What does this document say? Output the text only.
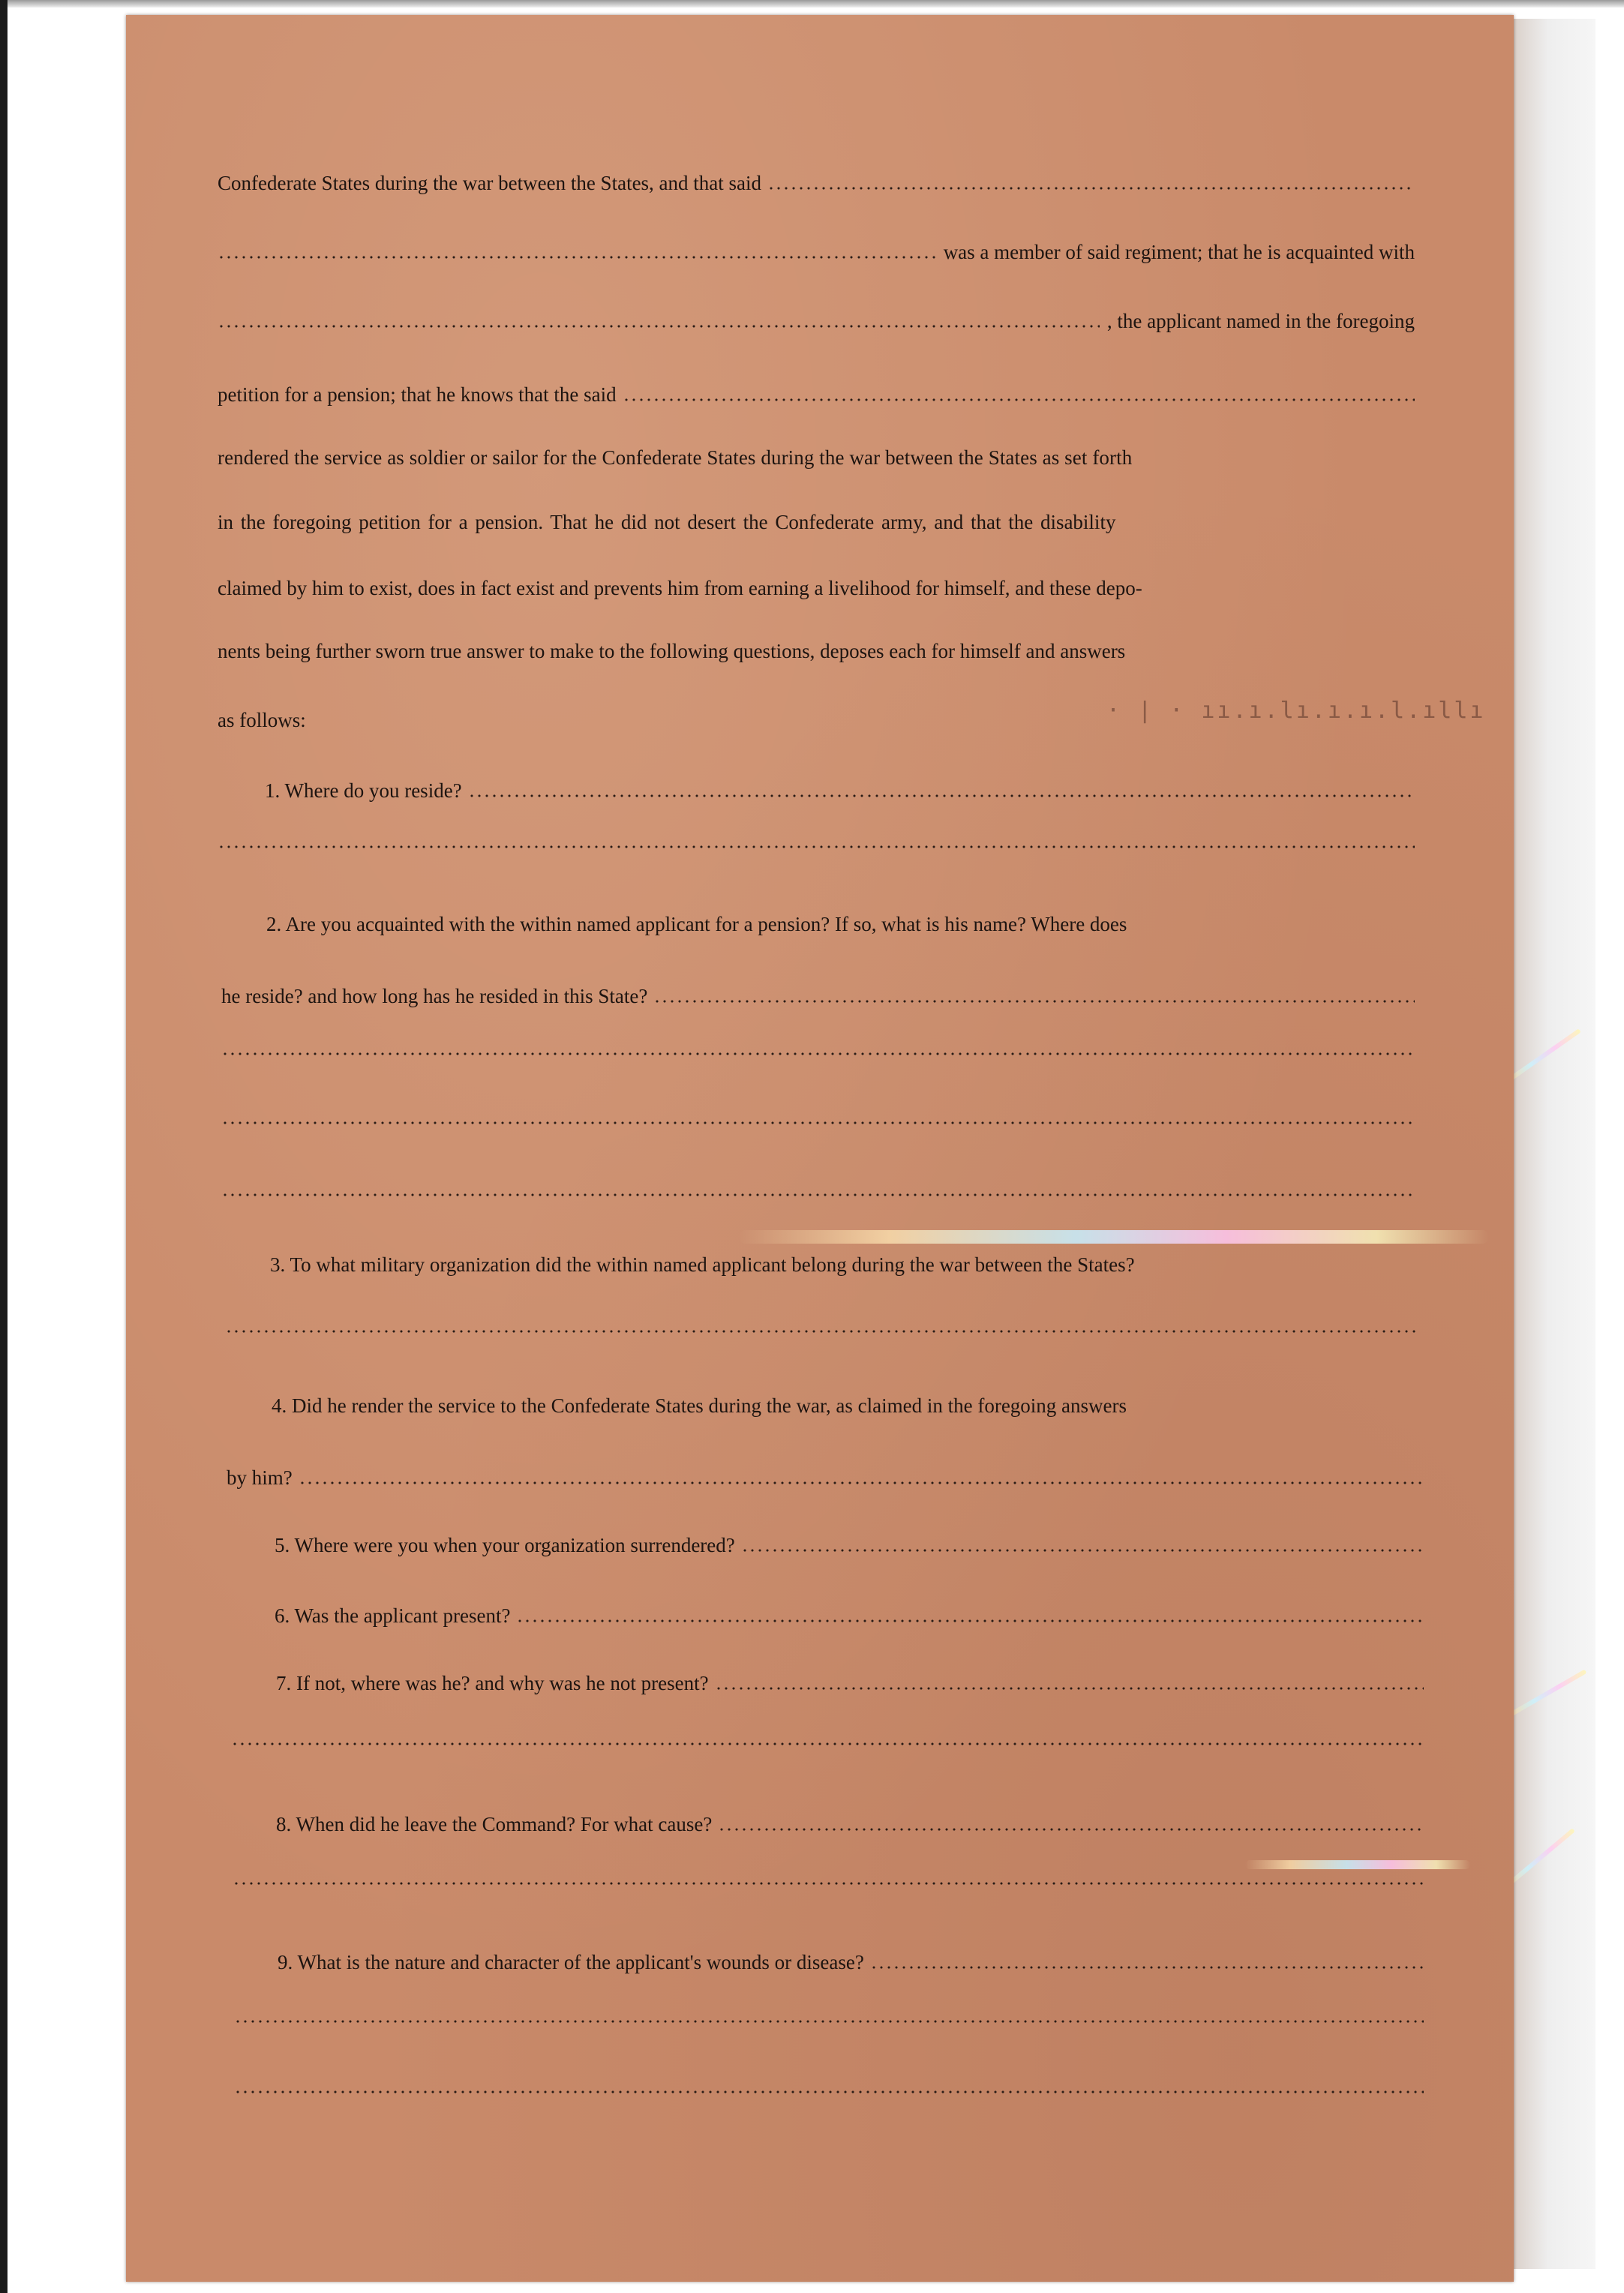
· | · ıı.ı.lı.ı.ı.l.ıllı
Confederate States during the war between the States, and that said
was a member of said regiment; that he is acquainted with
, the applicant named in the foregoing
petition for a pension; that he knows that the said
rendered the service as soldier or sailor for the Confederate States during the war between the States as set forth
in the foregoing petition for a pension. That he did not desert the Confederate army, and that the disability
claimed by him to exist, does in fact exist and prevents him from earning a livelihood for himself, and these depo-
nents being further sworn true answer to make to the following questions, deposes each for himself and answers
as follows:
1. Where do you reside?
2. Are you acquainted with the within named applicant for a pension? If so, what is his name? Where does
he reside? and how long has he resided in this State?
3. To what military organization did the within named applicant belong during the war between the States?
4. Did he render the service to the Confederate States during the war, as claimed in the foregoing answers
by him?
5. Where were you when your organization surrendered?
6. Was the applicant present?
7. If not, where was he? and why was he not present?
8. When did he leave the Command? For what cause?
9. What is the nature and character of the applicant's wounds or disease?
